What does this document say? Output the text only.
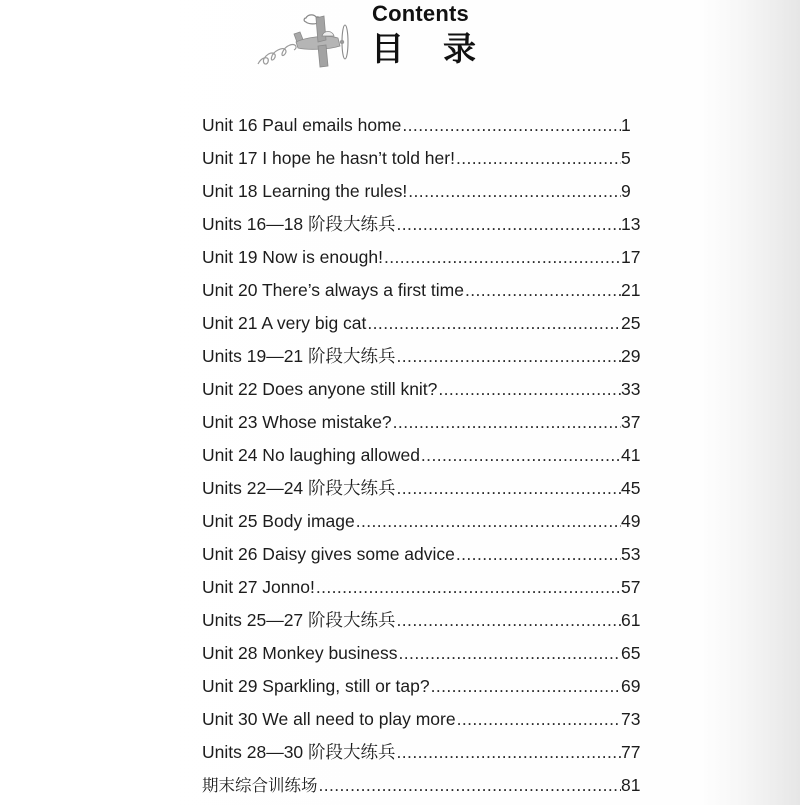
Contents
目 录
Unit 16 Paul emails home .....	1
Unit 17 I hope he hasn’t told her! .....	5
Unit 18 Learning the rules! .....	9
Units 16—18 阶段大练兵 .....	13
Unit 19 Now is enough! .....	17
Unit 20 There’s always a first time .....	21
Unit 21 A very big cat .....	25
Units 19—21 阶段大练兵 .....	29
Unit 22 Does anyone still knit? .....	33
Unit 23 Whose mistake? .....	37
Unit 24 No laughing allowed .....	41
Units 22—24 阶段大练兵 .....	45
Unit 25 Body image .....	49
Unit 26 Daisy gives some advice .....	53
Unit 27 Jonno! .....	57
Units 25—27 阶段大练兵 .....	61
Unit 28 Monkey business .....	65
Unit 29 Sparkling, still or tap? .....	69
Unit 30 We all need to play more .....	73
Units 28—30 阶段大练兵 .....	77
期末综合训练场 .....	81
